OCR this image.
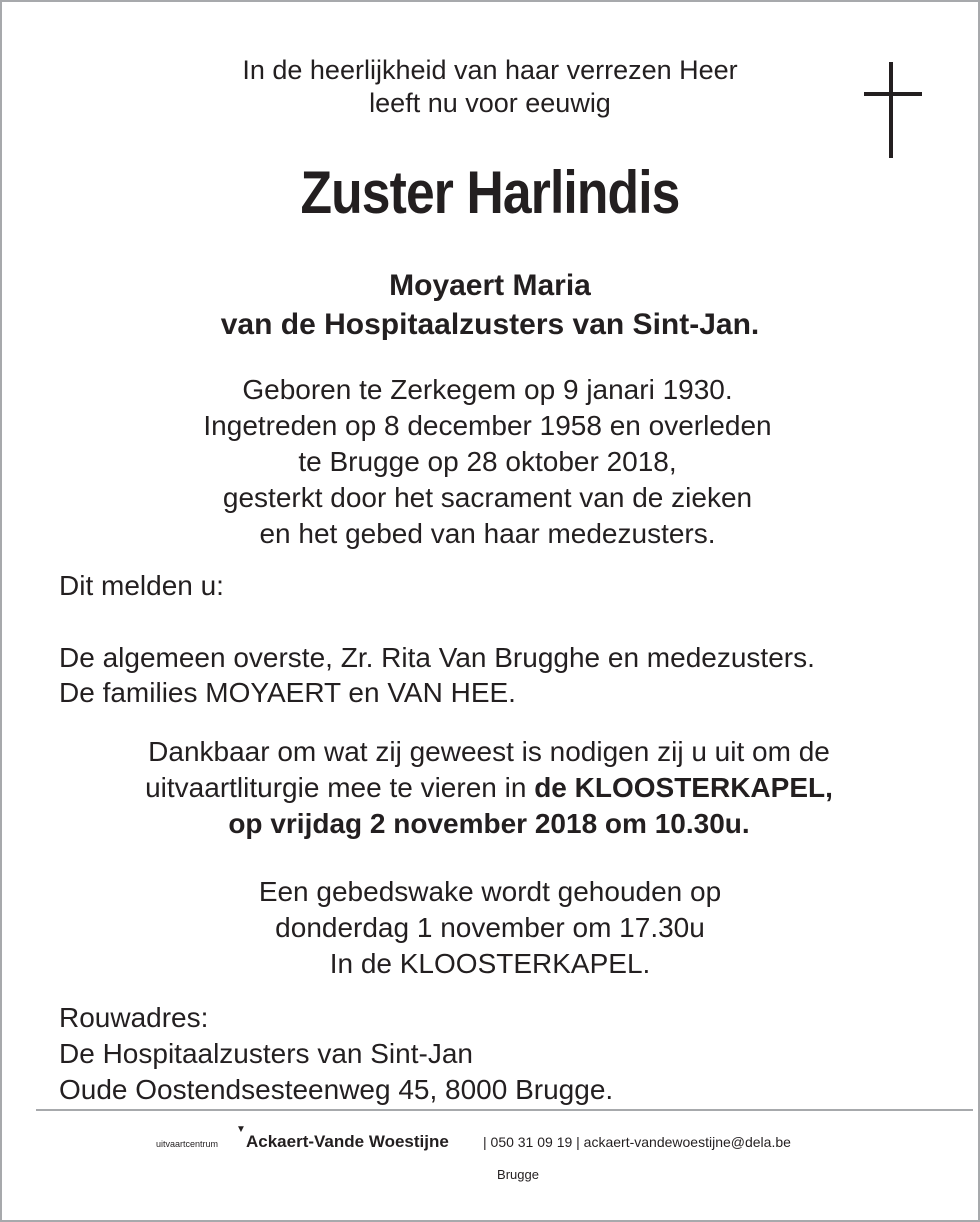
In de heerlijkheid van haar verrezen Heer
leeft nu voor eeuwig
Zuster Harlindis
Moyaert Maria
van de Hospitaalzusters van Sint-Jan.
Geboren te Zerkegem op 9 janari 1930.
Ingetreden op 8 december 1958 en overleden
te Brugge op 28 oktober 2018,
gesterkt door het sacrament van de zieken
en het gebed van haar medezusters.
Dit melden u:
De algemeen overste, Zr. Rita Van Brugghe en medezusters.
De families MOYAERT en VAN HEE.
Dankbaar om wat zij geweest is nodigen zij u uit om de
uitvaartliturgie mee te vieren in de KLOOSTERKAPEL,
op vrijdag 2 november 2018 om 10.30u.
Een gebedswake wordt gehouden op
donderdag 1 november om 17.30u
In de KLOOSTERKAPEL.
Rouwadres:
De Hospitaalzusters van Sint-Jan
Oude Oostendsesteenweg 45, 8000 Brugge.
uitvaartcentrum
▼
Ackaert-Vande Woestijne | 050 31 09 19 | ackaert-vandewoestijne@dela.be
Brugge
